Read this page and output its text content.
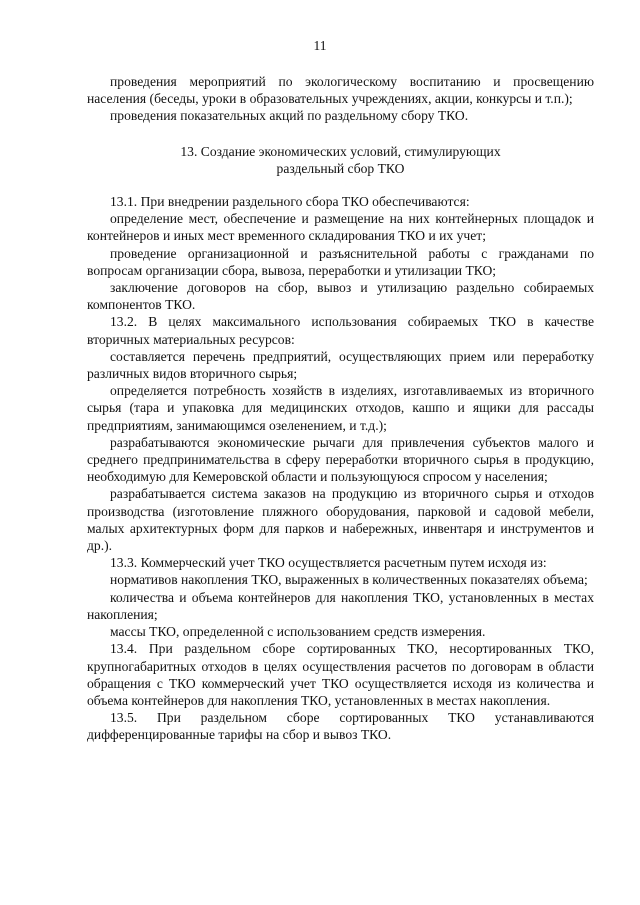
11

проведения мероприятий по экологическому воспитанию и просвещению населения (беседы, уроки в образовательных учреждениях, акции, конкурсы и т.п.);

проведения показательных акций по раздельному сбору ТКО.

13. Создание экономических условий, стимулирующих
раздельный сбор ТКО

13.1. При внедрении раздельного сбора ТКО обеспечиваются:

определение мест, обеспечение и размещение на них контейнерных площадок и контейнеров и иных мест временного складирования ТКО и их учет;

проведение организационной и разъяснительной работы с гражданами по вопросам организации сбора, вывоза, переработки и утилизации ТКО;

заключение договоров на сбор, вывоз и утилизацию раздельно собираемых компонентов ТКО.

13.2. В целях максимального использования собираемых ТКО в качестве вторичных материальных ресурсов:

составляется перечень предприятий, осуществляющих прием или переработку различных видов вторичного сырья;

определяется потребность хозяйств в изделиях, изготавливаемых из вторичного сырья (тара и упаковка для медицинских отходов, кашпо и ящики для рассады предприятиям, занимающимся озеленением, и т.д.);

разрабатываются экономические рычаги для привлечения субъектов малого и среднего предпринимательства в сферу переработки вторичного сырья в продукцию, необходимую для Кемеровской области и пользующуюся спросом у населения;

разрабатывается система заказов на продукцию из вторичного сырья и отходов производства (изготовление пляжного оборудования, парковой и садовой мебели, малых архитектурных форм для парков и набережных, инвентаря и инструментов и др.).

13.3. Коммерческий учет ТКО осуществляется расчетным путем исходя из:

нормативов накопления ТКО, выраженных в количественных показателях объема;

количества и объема контейнеров для накопления ТКО, установленных в местах накопления;

массы ТКО, определенной с использованием средств измерения.

13.4. При раздельном сборе сортированных ТКО, несортированных ТКО, крупногабаритных отходов в целях осуществления расчетов по договорам в области обращения с ТКО коммерческий учет ТКО осуществляется исходя из количества и объема контейнеров для накопления ТКО, установленных в местах накопления.

13.5. При раздельном сборе сортированных ТКО устанавливаются дифференцированные тарифы на сбор и вывоз ТКО.
